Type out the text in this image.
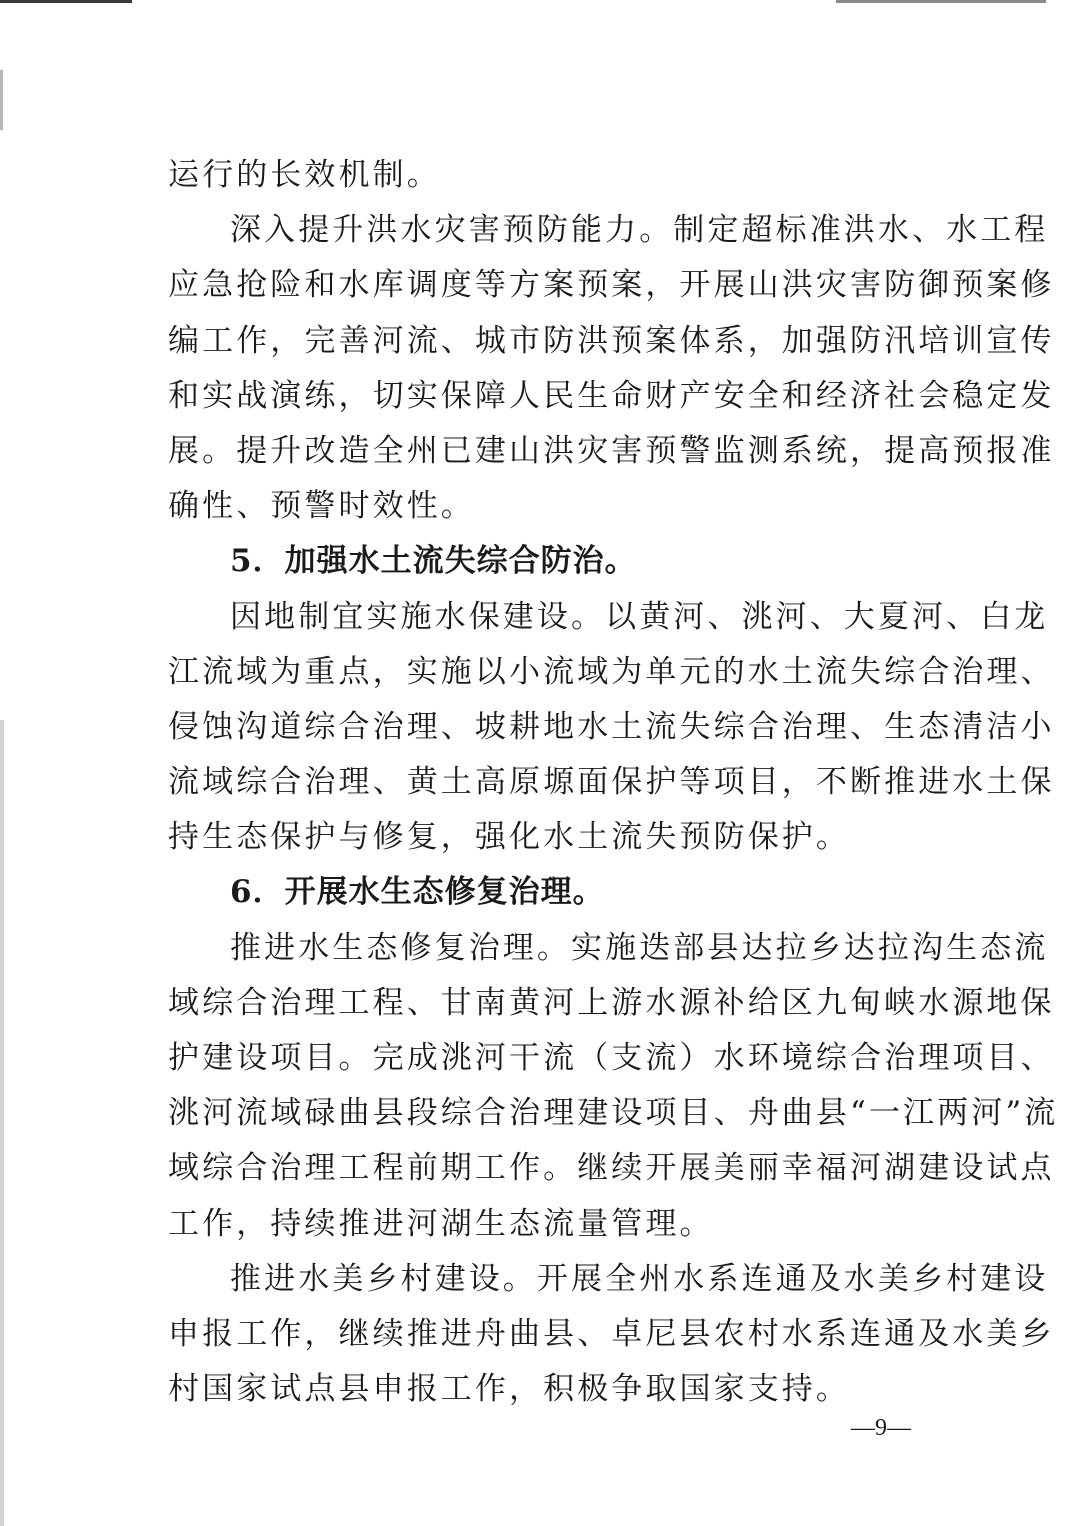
运行的长效机制。

深入提升洪水灾害预防能力。制定超标准洪水、水工程

应急抢险和水库调度等方案预案，开展山洪灾害防御预案修

编工作，完善河流、城市防洪预案体系，加强防汛培训宣传

和实战演练，切实保障人民生命财产安全和经济社会稳定发

展。提升改造全州已建山洪灾害预警监测系统，提高预报准

确性、预警时效性。

5．加强水土流失综合防治。

因地制宜实施水保建设。以黄河、洮河、大夏河、白龙

江流域为重点，实施以小流域为单元的水土流失综合治理、

侵蚀沟道综合治理、坡耕地水土流失综合治理、生态清洁小

流域综合治理、黄土高原塬面保护等项目，不断推进水土保

持生态保护与修复，强化水土流失预防保护。

6．开展水生态修复治理。

推进水生态修复治理。实施迭部县达拉乡达拉沟生态流

域综合治理工程、甘南黄河上游水源补给区九甸峡水源地保

护建设项目。完成洮河干流（支流）水环境综合治理项目、

洮河流域碌曲县段综合治理建设项目、舟曲县“一江两河”流

域综合治理工程前期工作。继续开展美丽幸福河湖建设试点

工作，持续推进河湖生态流量管理。

推进水美乡村建设。开展全州水系连通及水美乡村建设

申报工作，继续推进舟曲县、卓尼县农村水系连通及水美乡

村国家试点县申报工作，积极争取国家支持。

—9—
